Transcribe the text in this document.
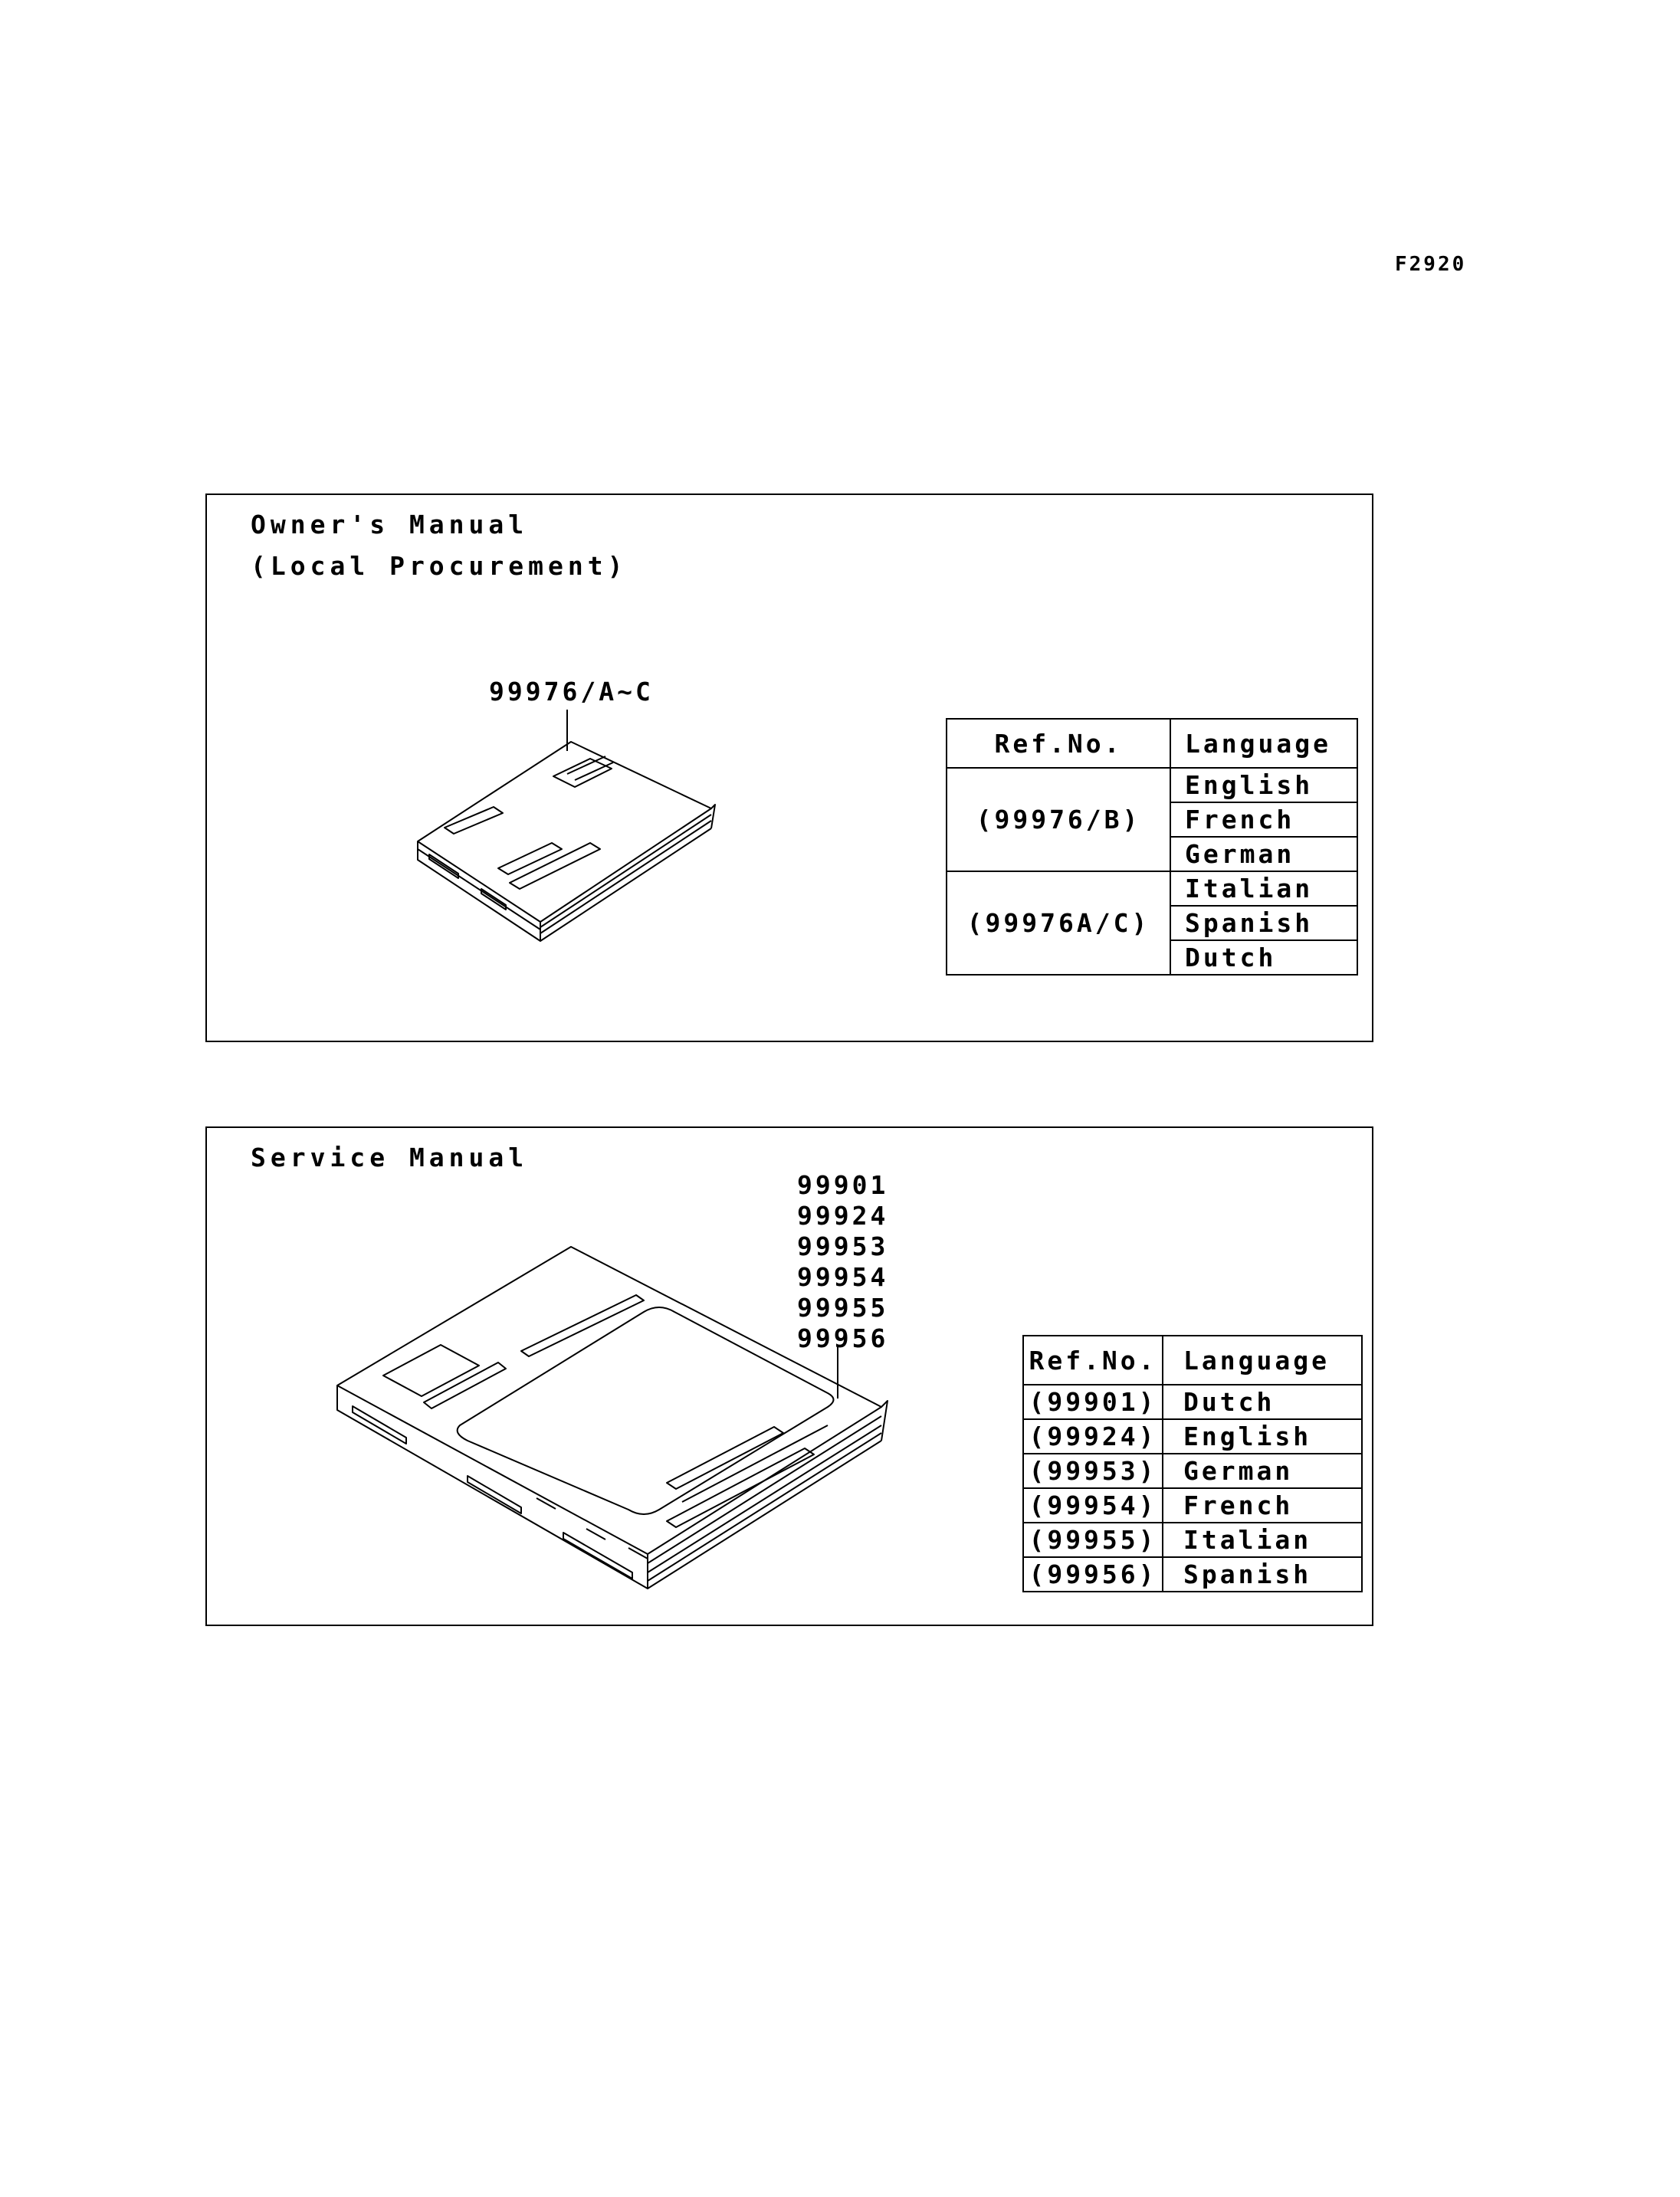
F2920
Owner's Manual
(Local Procurement)
99976/A~C
Ref.No.	Language
(99976/B)	English
	French
	German
(99976A/C)	Italian
	Spanish
	Dutch
Service Manual
99901
99924
99953
99954
99955
99956
Ref.No.	Language
(99901)	Dutch
(99924)	English
(99953)	German
(99954)	French
(99955)	Italian
(99956)	Spanish
